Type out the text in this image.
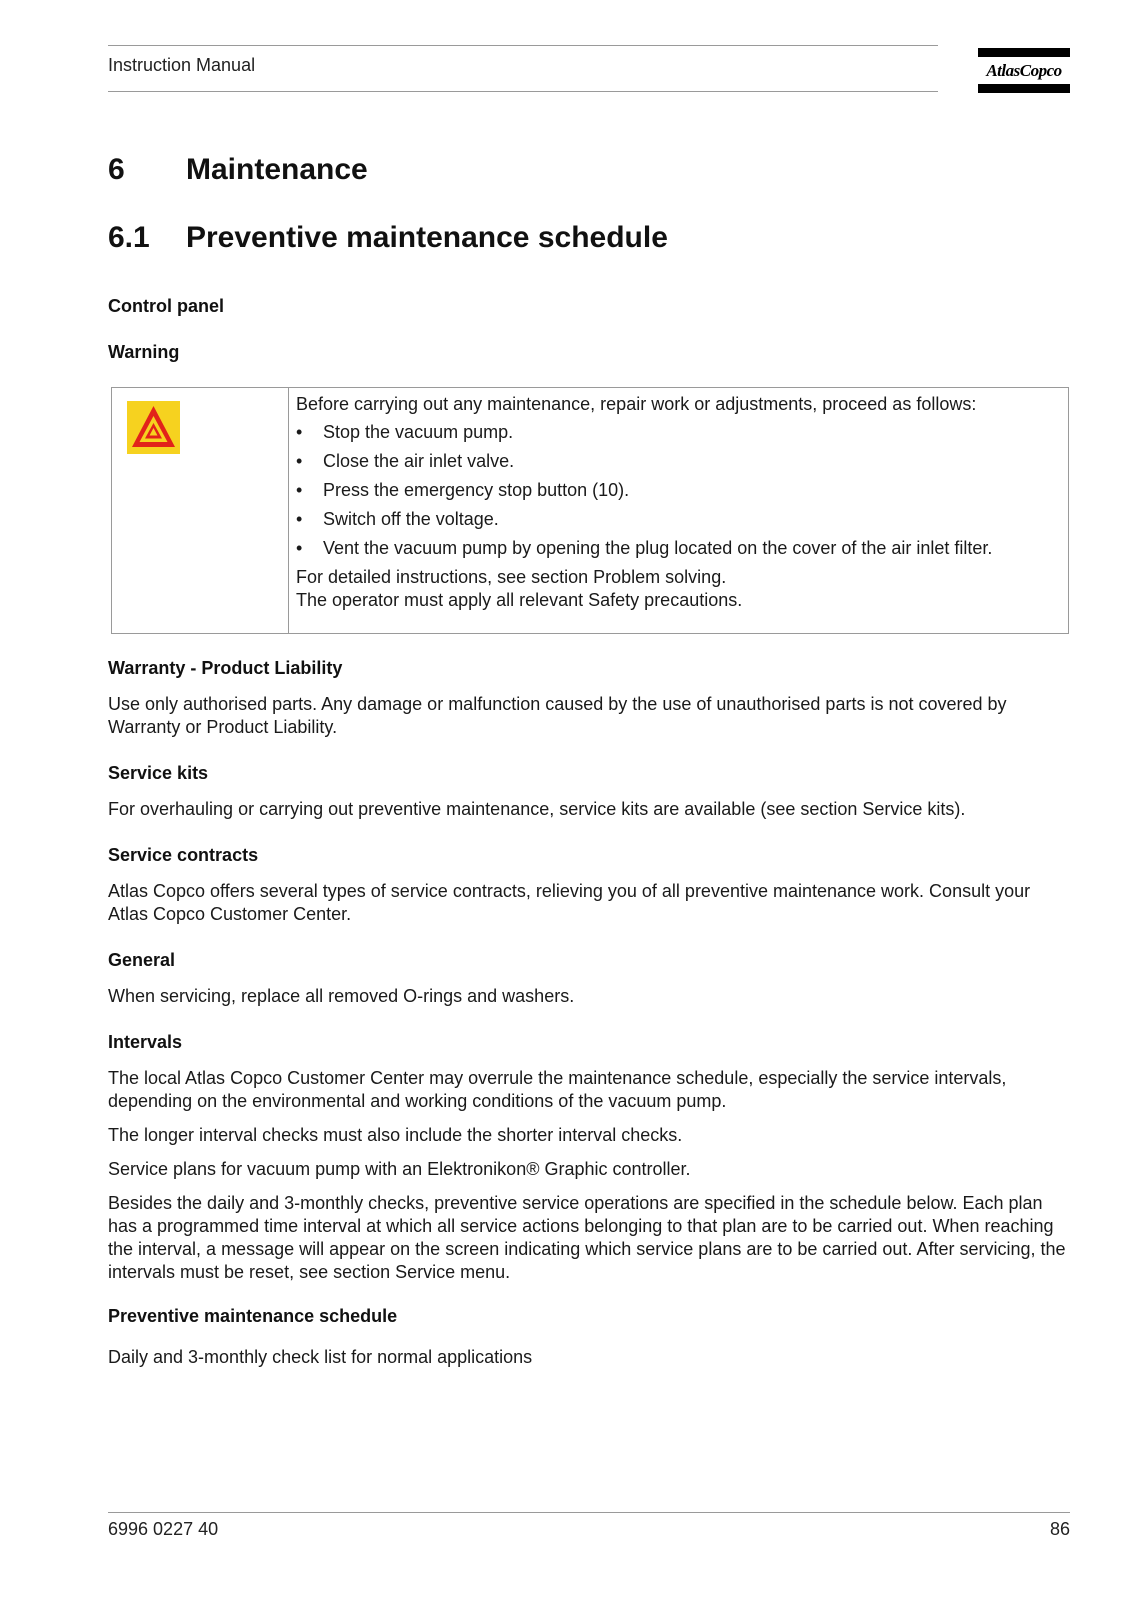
Instruction Manual	AtlasCopco
6 Maintenance
6.1 Preventive maintenance schedule
Control panel
Warning
Before carrying out any maintenance, repair work or adjustments, proceed as follows:
• Stop the vacuum pump.
• Close the air inlet valve.
• Press the emergency stop button (10).
• Switch off the voltage.
• Vent the vacuum pump by opening the plug located on the cover of the air inlet filter.
For detailed instructions, see section Problem solving.
The operator must apply all relevant Safety precautions.
Warranty - Product Liability
Use only authorised parts. Any damage or malfunction caused by the use of unauthorised parts is not covered by Warranty or Product Liability.
Service kits
For overhauling or carrying out preventive maintenance, service kits are available (see section Service kits).
Service contracts
Atlas Copco offers several types of service contracts, relieving you of all preventive maintenance work. Consult your Atlas Copco Customer Center.
General
When servicing, replace all removed O-rings and washers.
Intervals
The local Atlas Copco Customer Center may overrule the maintenance schedule, especially the service intervals, depending on the environmental and working conditions of the vacuum pump.
The longer interval checks must also include the shorter interval checks.
Service plans for vacuum pump with an Elektronikon® Graphic controller.
Besides the daily and 3-monthly checks, preventive service operations are specified in the schedule below. Each plan has a programmed time interval at which all service actions belonging to that plan are to be carried out. When reaching the interval, a message will appear on the screen indicating which service plans are to be carried out. After servicing, the intervals must be reset, see section Service menu.
Preventive maintenance schedule
Daily and 3-monthly check list for normal applications
6996 0227 40	86
